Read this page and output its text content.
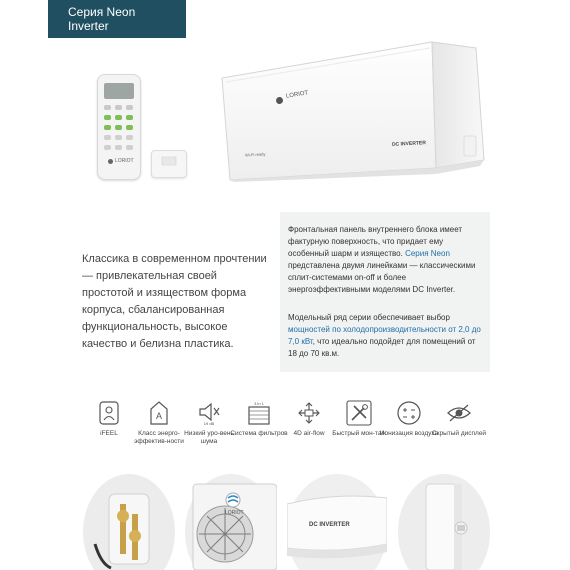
Серия Neon
Inverter
LORIOT
LORIOT
Wi-Fi ready
DC INVERTER

Классика в современном прочтении — привлекательная своей простотой и изяществом форма корпуса, сбалансированная функциональность, высокое качество и белизна пластика.

Фронтальная панель внутреннего блока имеет фактурную поверхность, что придает ему особенный шарм и изящество. Серия Neon представлена двумя линейками — классическими сплит-системами on-off и более энергоэффективными моделями DC Inverter.

Модельный ряд серии обеспечивает выбор мощностей по холодопроизводительности от 2,0 до 7,0 кВт, что идеально подойдет для помещений от 18 до 70 кв.м.

iFEEL
A
Класс энерго-эффектив-ности
19 dB
Низкий уро-вень шума
3 in 1
Система фильтров 4D air-flow	Быстрый мон-таж
Ионизация воздуха
Скрытый дисплей
LORIOT
DC INVERTER
